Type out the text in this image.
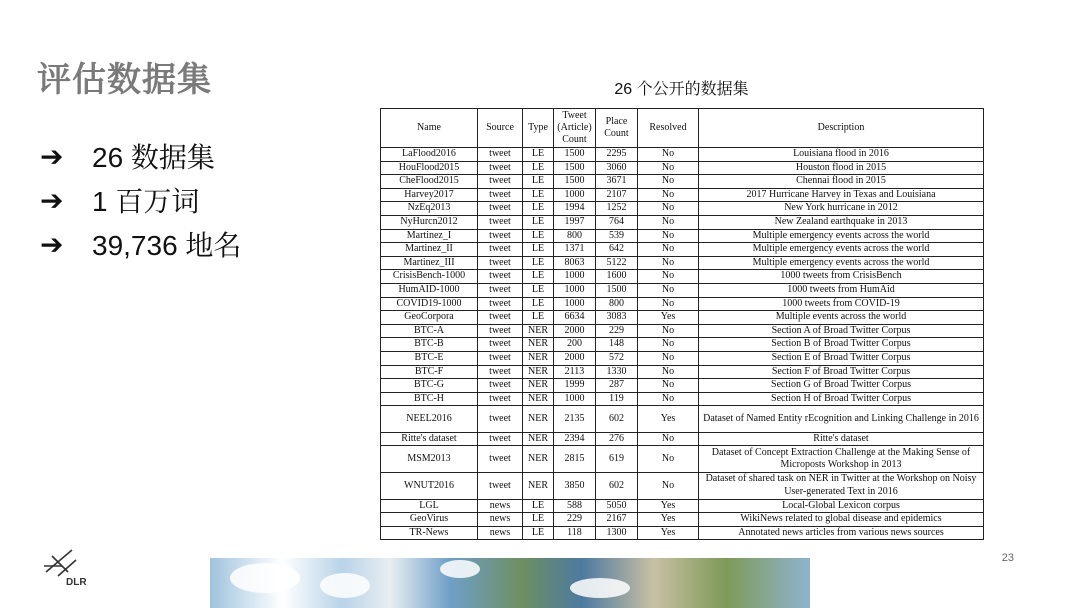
评估数据集
➔	26 数据集
➔	1 百万词
➔	39,736 地名
26 个公开的数据集
Name	Source	Type	Tweet (Article) Count	Place Count	Resolved	Description
LaFlood2016	tweet	LE	1500	2295	No	Louisiana flood in 2016
HouFlood2015	tweet	LE	1500	3060	No	Houston flood in 2015
CheFlood2015	tweet	LE	1500	3671	No	Chennai flood in 2015
Harvey2017	tweet	LE	1000	2107	No	2017 Hurricane Harvey in Texas and Louisiana
NzEq2013	tweet	LE	1994	1252	No	New York hurricane in 2012
NyHurcn2012	tweet	LE	1997	764	No	New Zealand earthquake in 2013
Martinez_I	tweet	LE	800	539	No	Multiple emergency events across the world
Martinez_II	tweet	LE	1371	642	No	Multiple emergency events across the world
Martinez_III	tweet	LE	8063	5122	No	Multiple emergency events across the world
CrisisBench-1000	tweet	LE	1000	1600	No	1000 tweets from CrisisBench
HumAID-1000	tweet	LE	1000	1500	No	1000 tweets from HumAid
COVID19-1000	tweet	LE	1000	800	No	1000 tweets from COVID-19
GeoCorpora	tweet	LE	6634	3083	Yes	Multiple events across the world
BTC-A	tweet	NER	2000	229	No	Section A of Broad Twitter Corpus
BTC-B	tweet	NER	200	148	No	Section B of Broad Twitter Corpus
BTC-E	tweet	NER	2000	572	No	Section E of Broad Twitter Corpus
BTC-F	tweet	NER	2113	1330	No	Section F of Broad Twitter Corpus
BTC-G	tweet	NER	1999	287	No	Section G of Broad Twitter Corpus
BTC-H	tweet	NER	1000	119	No	Section H of Broad Twitter Corpus
NEEL2016	tweet	NER	2135	602	Yes	Dataset of Named Entity rEcognition and Linking Challenge in 2016
Ritte's dataset	tweet	NER	2394	276	No	Ritte's dataset
MSM2013	tweet	NER	2815	619	No	Dataset of Concept Extraction Challenge at the Making Sense of Microposts Workshop in 2013
WNUT2016	tweet	NER	3850	602	No	Dataset of shared task on NER in Twitter at the Workshop on Noisy User-generated Text in 2016
LGL	news	LE	588	5050	Yes	Local-Global Lexicon corpus
GeoVirus	news	LE	229	2167	Yes	WikiNews related to global disease and epidemics
TR-News	news	LE	118	1300	Yes	Annotated news articles from various news sources
DLR
23
